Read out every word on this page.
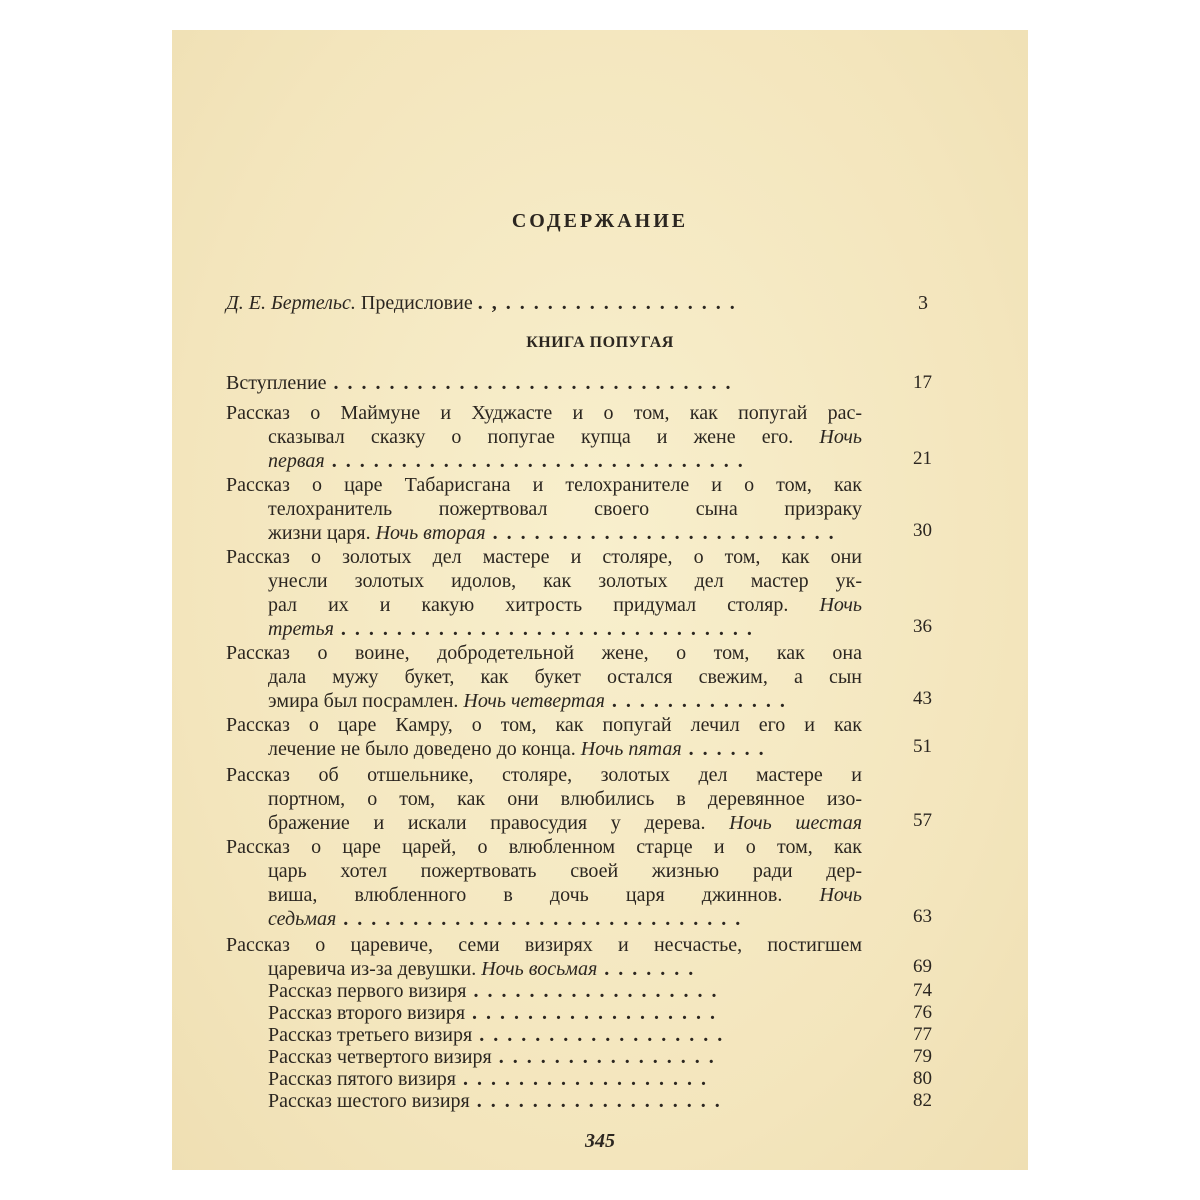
СОДЕРЖАНИЕ
Д. Е. Бертельс. Предисловие . , . . . . . . . . . . . . . . . . .	3
КНИГА ПОПУГАЯ
Вступление . . . . . . . . . . . . . . . . . . . . . . . . . . . . .	17
Рассказ о Маймуне и Худжасте и о том, как попугай рас-
сказывал сказку о попугае купца и жене его. Ночь
первая . . . . . . . . . . . . . . . . . . . . . . . . . . . . . .	21
Рассказ о царе Табарисгана и телохранителе и о том, как
телохранитель пожертвовал своего сына призраку
жизни царя. Ночь вторая . . . . . . . . . . . . . . . . . . . . . . . . .	30
Рассказ о золотых дел мастере и столяре, о том, как они
унесли золотых идолов, как золотых дел мастер ук-
рал их и какую хитрость придумал столяр. Ночь
третья . . . . . . . . . . . . . . . . . . . . . . . . . . . . . .	36
Рассказ о воине, добродетельной жене, о том, как она
дала мужу букет, как букет остался свежим, а сын
эмира был посрамлен. Ночь четвертая . . . . . . . . . . . . .	43
Рассказ о царе Камру, о том, как попугай лечил его и как
лечение не было доведено до конца. Ночь пятая . . . . . .	51
Рассказ об отшельнике, столяре, золотых дел мастере и
портном, о том, как они влюбились в деревянное изо-
бражение и искали правосудия у дерева. Ночь шестая	57
Рассказ о царе царей, о влюбленном старце и о том, как
царь хотел пожертвовать своей жизнью ради дер-
виша, влюбленного в дочь царя джиннов. Ночь
седьмая . . . . . . . . . . . . . . . . . . . . . . . . . . . . .	63
Рассказ о царевиче, семи визирях и несчастье, постигшем
царевича из-за девушки. Ночь восьмая . . . . . . .	69
Рассказ первого визиря . . . . . . . . . . . . . . . . . .	74
Рассказ второго визиря . . . . . . . . . . . . . . . . . .	76
Рассказ третьего визиря . . . . . . . . . . . . . . . . . .	77
Рассказ четвертого визиря . . . . . . . . . . . . . . . .	79
Рассказ пятого визиря . . . . . . . . . . . . . . . . . .	80
Рассказ шестого визиря . . . . . . . . . . . . . . . . . .	82
345
